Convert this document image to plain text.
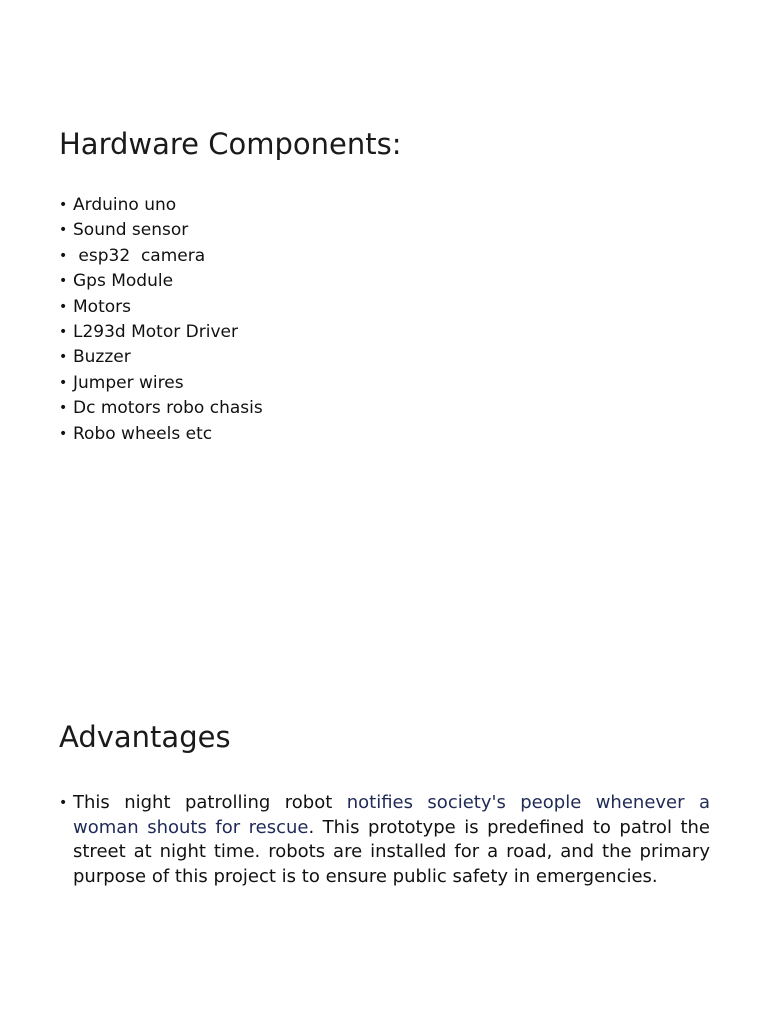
Hardware Components:
• Arduino uno
• Sound sensor
• esp32  camera
• Gps Module
• Motors
• L293d Motor Driver
• Buzzer
• Jumper wires
• Dc motors robo chasis
• Robo wheels etc
Advantages
• This night patrolling robot notifies society's people whenever a woman shouts for rescue. This prototype is predefined to patrol the street at night time. robots are installed for a road, and the primary purpose of this project is to ensure public safety in emergencies.
